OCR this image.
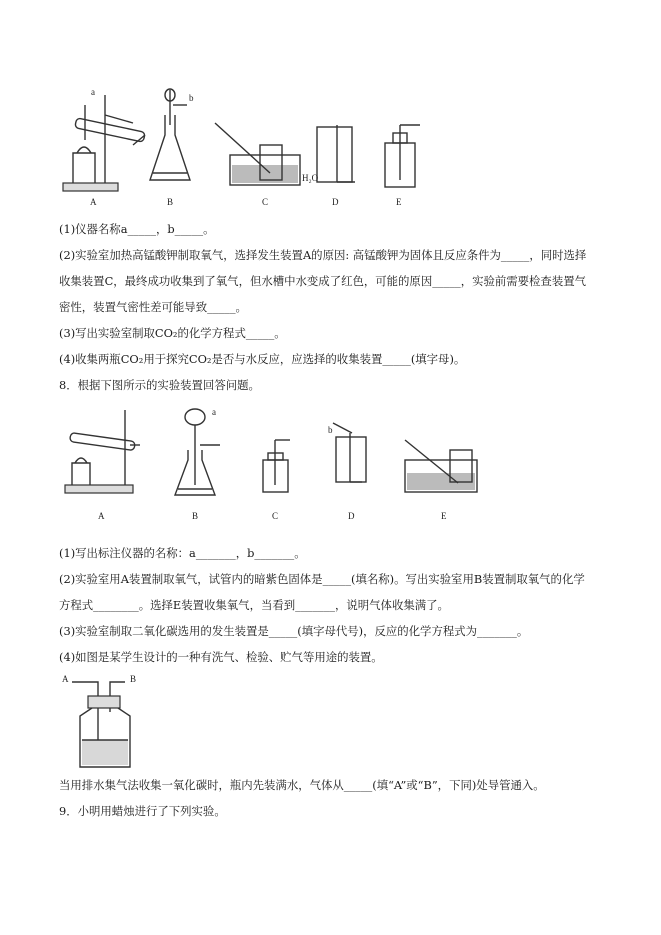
a
b
H₂O
A	B	C	D	E
(1)仪器名称a_____，b_____。
(2)实验室加热高锰酸钾制取氧气，选择发生装置A的原因: 高锰酸钾为固体且反应条件为_____，同时选择
收集装置C，最终成功收集到了氧气，但水槽中水变成了红色，可能的原因_____，实验前需要检查装置气
密性，装置气密性差可能导致_____。
(3)写出实验室制取CO₂的化学方程式_____。
(4)收集两瓶CO₂用于探究CO₂是否与水反应，应选择的收集装置_____(填字母)。
8．根据下图所示的实验装置回答问题。
a
b
A	B	C	D	E
(1)写出标注仪器的名称：a_______，b_______。
(2)实验室用A装置制取氧气，试管内的暗紫色固体是_____(填名称)。写出实验室用B装置制取氧气的化学
方程式________。选择E装置收集氧气，当看到_______，说明气体收集满了。
(3)实验室制取二氧化碳选用的发生装置是_____(填字母代号)，反应的化学方程式为_______。
(4)如图是某学生设计的一种有洗气、检验、贮气等用途的装置。
A	B
当用排水集气法收集一氧化碳时，瓶内先装满水，气体从_____(填“A”或“B”，下同)处导管通入。
9．小明用蜡烛进行了下列实验。
